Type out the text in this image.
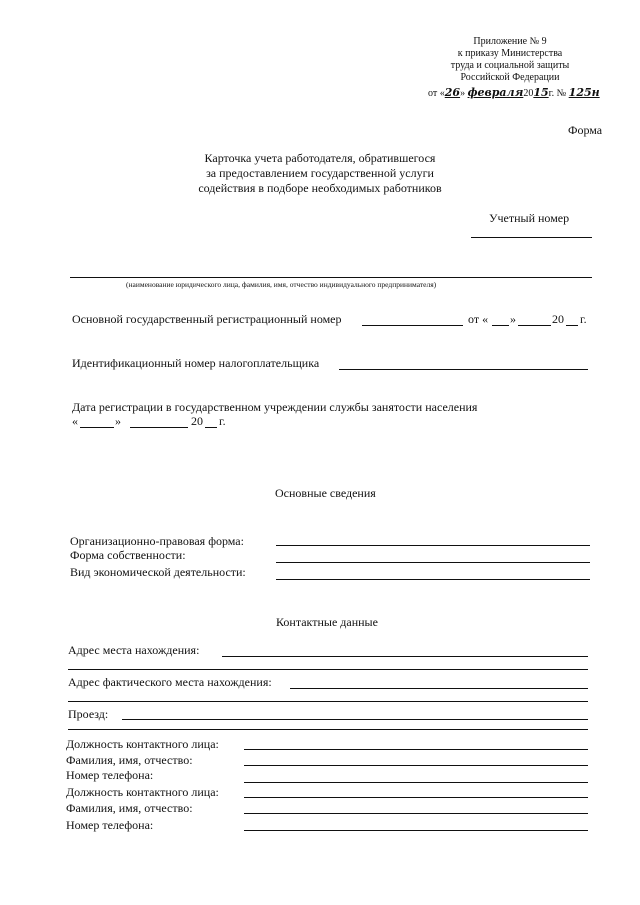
Приложение № 9
к приказу Министерства
труда и социальной защиты
Российской Федерации
от «26» февраля2015г. № 125н
Форма
Карточка учета работодателя, обратившегося
за предоставлением государственной услуги
содействия в подборе необходимых работников
Учетный номер
(наименование юридического лица, фамилия, имя, отчество индивидуального предпринимателя)
Основной государственный регистрационный номер	от « »	20 г.
Идентификационный номер налогоплательщика
Дата регистрации в государственном учреждении службы занятости населения
«	»	20 г.
Основные сведения
Организационно-правовая форма:
Форма собственности:
Вид экономической деятельности:
Контактные данные
Адрес места нахождения:
Адрес фактического места нахождения:
Проезд:
Должность контактного лица:
Фамилия, имя, отчество:
Номер телефона:
Должность контактного лица:
Фамилия, имя, отчество:
Номер телефона:
